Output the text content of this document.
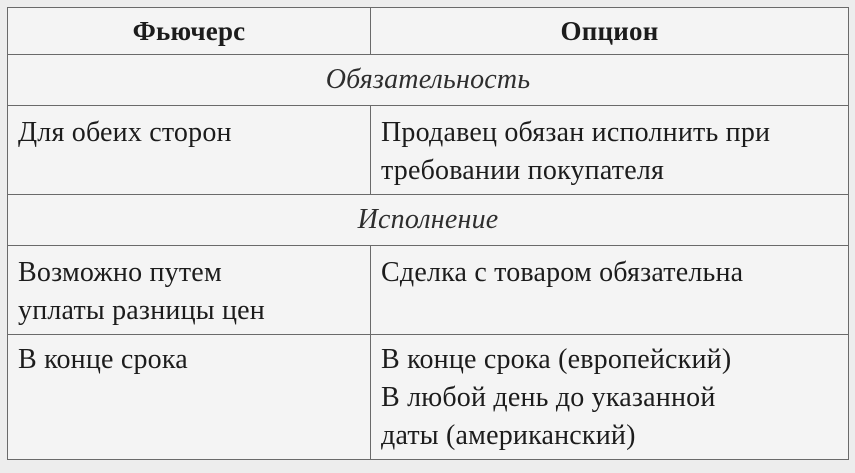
Фьючерс	Опцион
Обязательность	

Для обеих сторон	Продавец обязан исполнить при
требовании покупателя

Исполнение	

Возможно путем
уплаты разницы цен	Сделка с товаром обязательна

В конце срока	В конце срока (европейский)
В любой день до указанной
даты (американский)
